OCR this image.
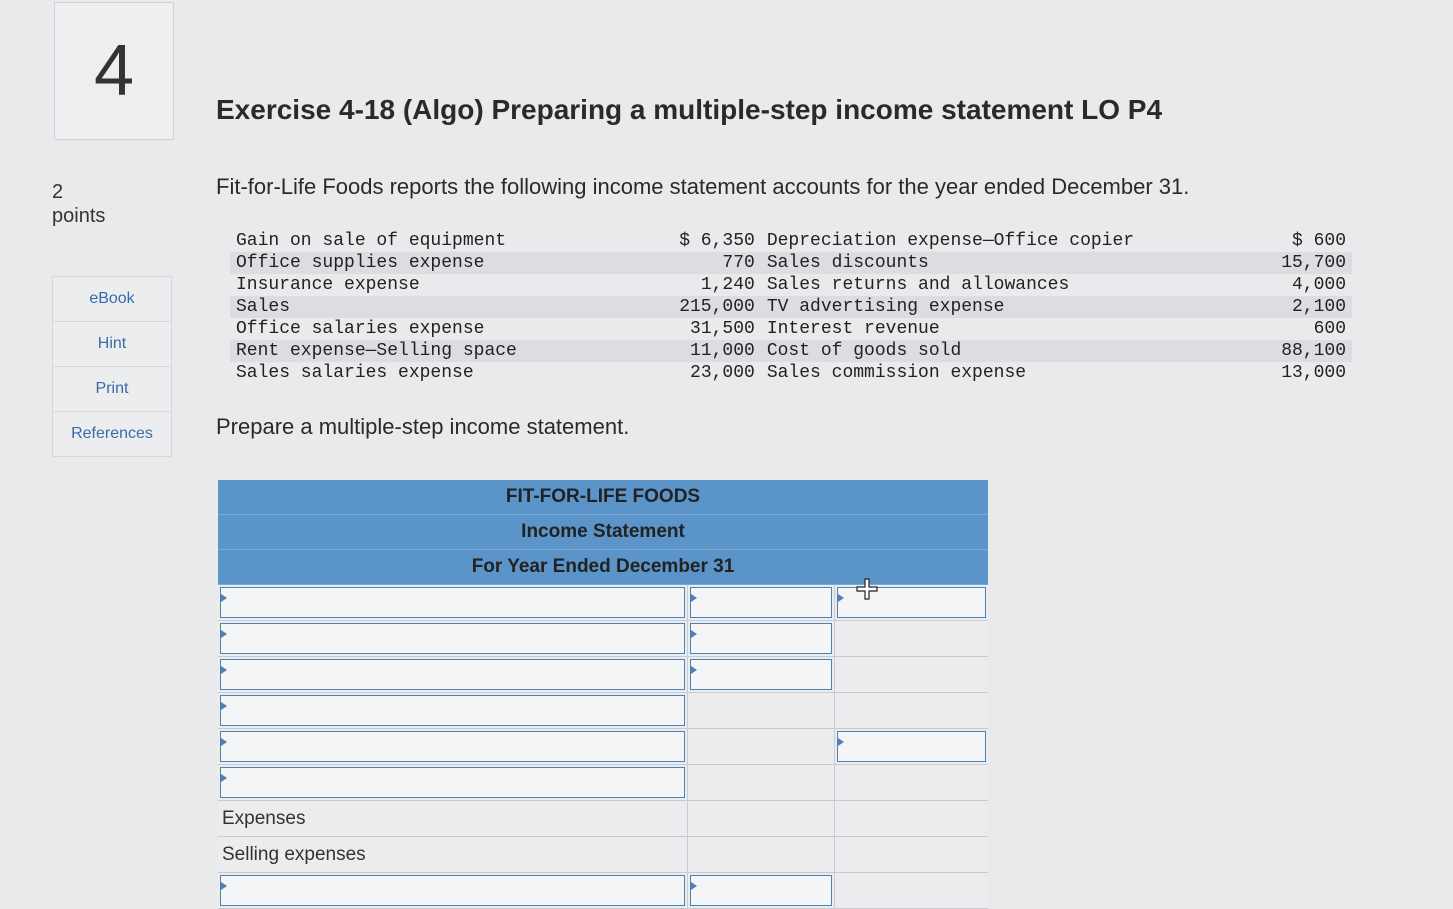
4
2
points
eBook
Hint
Print
References
Exercise 4-18 (Algo) Preparing a multiple-step income statement LO P4
Fit-for-Life Foods reports the following income statement accounts for the year ended December 31.
Gain on sale of equipment	$ 6,350	Depreciation expense—Office copier	$ 600
Office supplies expense	770	Sales discounts	15,700
Insurance expense	1,240	Sales returns and allowances	4,000
Sales	215,000	TV advertising expense	2,100
Office salaries expense	31,500	Interest revenue	600
Rent expense—Selling space	11,000	Cost of goods sold	88,100
Sales salaries expense	23,000	Sales commission expense	13,000
Prepare a multiple-step income statement.
FIT-FOR-LIFE FOODS
Income Statement
For Year Ended December 31
Expenses
Selling expenses
